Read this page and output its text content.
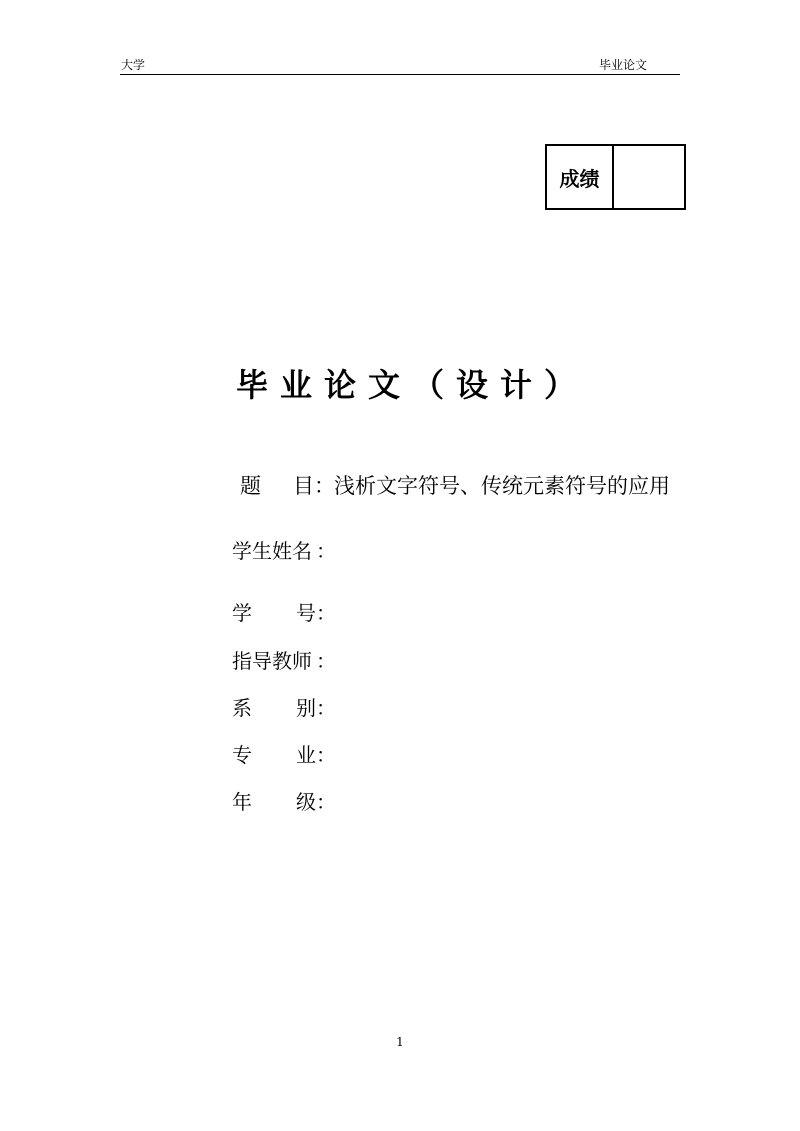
大学	毕业论文
成绩
毕业论文（设计）
题 目 ： 浅析文字符号、传统元素符号的应用
学生姓名 ：
学 号 ：
指导教师 ：
系 别 ：
专 业 ：
年 级 ：
1
